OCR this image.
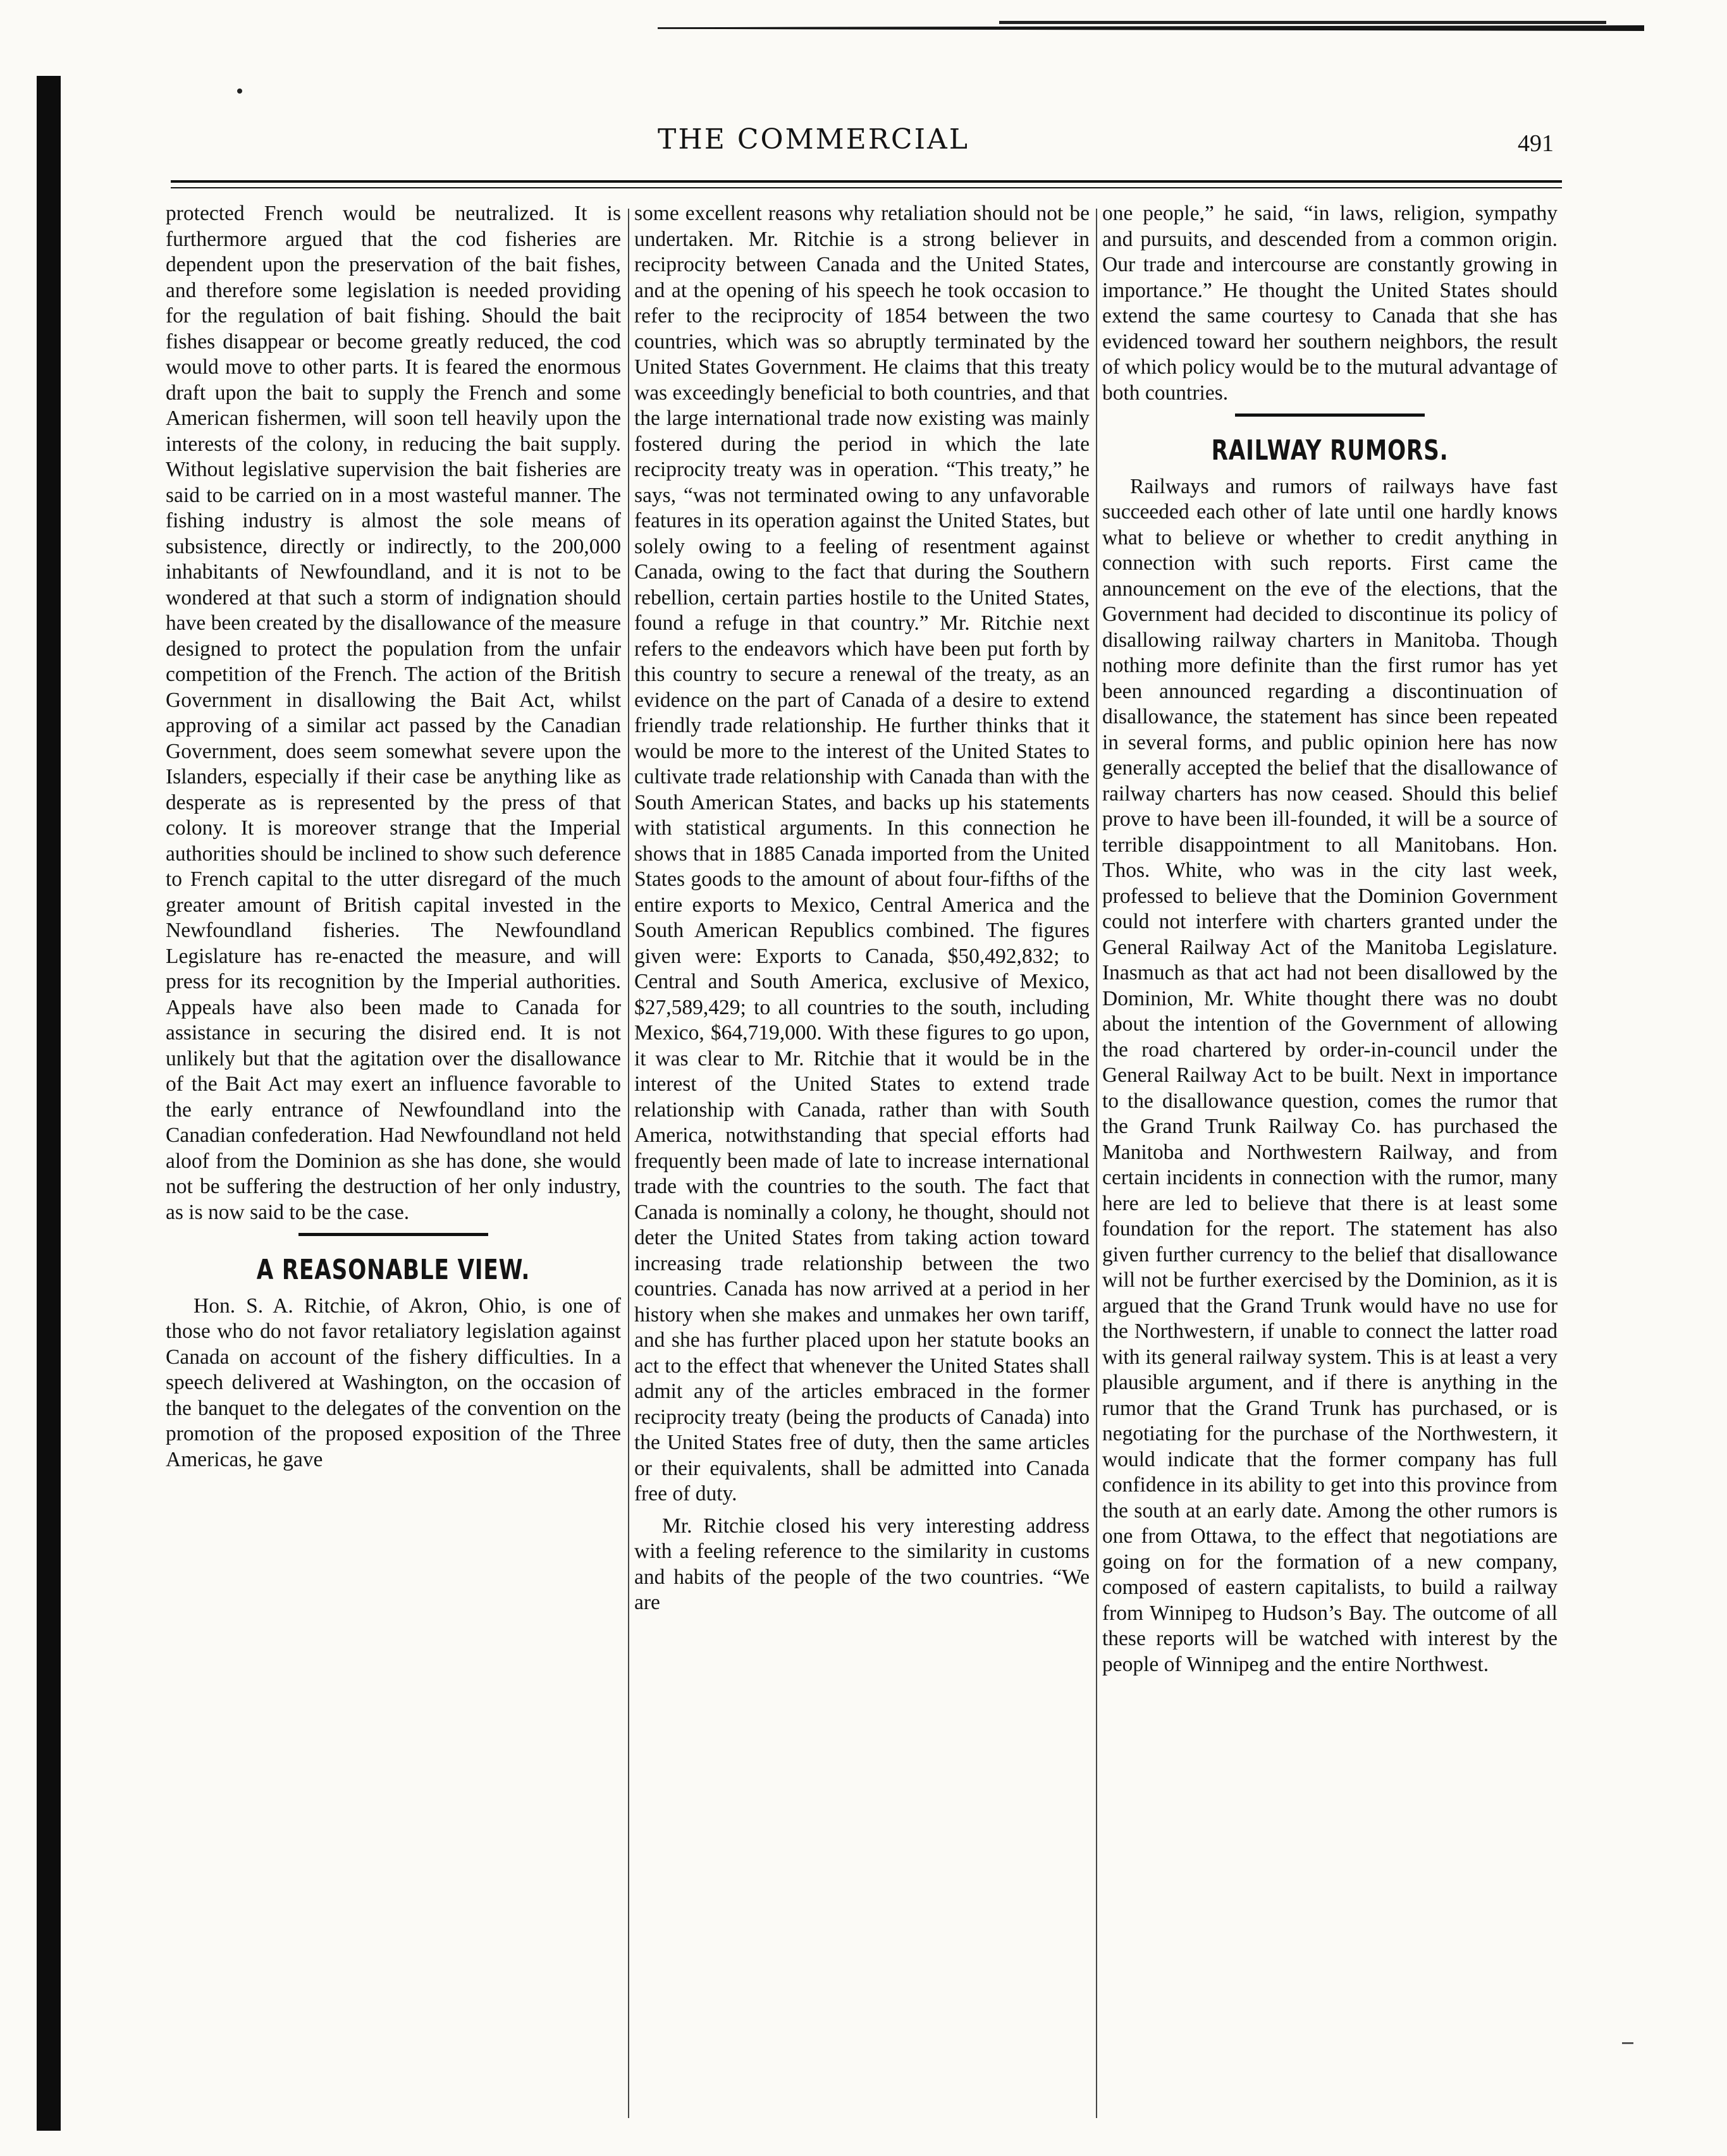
THE COMMERCIAL	491

protected French would be neutralized. It is furthermore argued that the cod fisheries are dependent upon the preservation of the bait fishes, and therefore some legislation is needed providing for the regulation of bait fishing. Should the bait fishes disappear or become greatly reduced, the cod would move to other parts. It is feared the enormous draft upon the bait to supply the French and some American fishermen, will soon tell heavily upon the interests of the colony, in reducing the bait supply. Without legislative supervision the bait fisheries are said to be carried on in a most wasteful manner. The fishing industry is almost the sole means of subsistence, directly or indirectly, to the 200,000 inhabitants of Newfoundland, and it is not to be wondered at that such a storm of indignation should have been created by the disallowance of the measure designed to protect the population from the unfair competition of the French. The action of the British Government in disallowing the Bait Act, whilst approving of a similar act passed by the Canadian Government, does seem somewhat severe upon the Islanders, especially if their case be anything like as desperate as is represented by the press of that colony. It is moreover strange that the Imperial authorities should be inclined to show such deference to French capital to the utter disregard of the much greater amount of British capital invested in the Newfoundland fisheries. The Newfoundland Legislature has re-enacted the measure, and will press for its recognition by the Imperial authorities. Appeals have also been made to Canada for assistance in securing the disired end. It is not unlikely but that the agitation over the disallowance of the Bait Act may exert an influence favorable to the early entrance of Newfoundland into the Canadian confederation. Had Newfoundland not held aloof from the Dominion as she has done, she would not be suffering the destruction of her only industry, as is now said to be the case.

A REASONABLE VIEW.

Hon. S. A. Ritchie, of Akron, Ohio, is one of those who do not favor retaliatory legislation against Canada on account of the fishery difficulties. In a speech delivered at Washington, on the occasion of the banquet to the delegates of the convention on the promotion of the proposed exposition of the Three Americas, he gave

some excellent reasons why retaliation should not be undertaken. Mr. Ritchie is a strong believer in reciprocity between Canada and the United States, and at the opening of his speech he took occasion to refer to the reciprocity of 1854 between the two countries, which was so abruptly terminated by the United States Government. He claims that this treaty was exceedingly beneficial to both countries, and that the large international trade now existing was mainly fostered during the period in which the late reciprocity treaty was in operation. “This treaty,” he says, “was not terminated owing to any unfavorable features in its operation against the United States, but solely owing to a feeling of resentment against Canada, owing to the fact that during the Southern rebellion, certain parties hostile to the United States, found a refuge in that country.” Mr. Ritchie next refers to the endeavors which have been put forth by this country to secure a renewal of the treaty, as an evidence on the part of Canada of a desire to extend friendly trade relationship. He further thinks that it would be more to the interest of the United States to cultivate trade relationship with Canada than with the South American States, and backs up his statements with statistical arguments. In this connection he shows that in 1885 Canada imported from the United States goods to the amount of about four-fifths of the entire exports to Mexico, Central America and the South American Republics combined. The figures given were: Exports to Canada, $50,492,832; to Central and South America, exclusive of Mexico, $27,589,429; to all countries to the south, including Mexico, $64,719,000. With these figures to go upon, it was clear to Mr. Ritchie that it would be in the interest of the United States to extend trade relationship with Canada, rather than with South America, notwithstanding that special efforts had frequently been made of late to increase international trade with the countries to the south. The fact that Canada is nominally a colony, he thought, should not deter the United States from taking action toward increasing trade relationship between the two countries. Canada has now arrived at a period in her history when she makes and unmakes her own tariff, and she has further placed upon her statute books an act to the effect that whenever the United States shall admit any of the articles embraced in the former reciprocity treaty (being the products of Canada) into the United States free of duty, then the same articles or their equivalents, shall be admitted into Canada free of duty.

Mr. Ritchie closed his very interesting address with a feeling reference to the similarity in customs and habits of the people of the two countries. “We are

one people,” he said, “in laws, religion, sympathy and pursuits, and descended from a common origin. Our trade and intercourse are constantly growing in importance.” He thought the United States should extend the same courtesy to Canada that she has evidenced toward her southern neighbors, the result of which policy would be to the mutural advantage of both countries.

RAILWAY RUMORS.

Railways and rumors of railways have fast succeeded each other of late until one hardly knows what to believe or whether to credit anything in connection with such reports. First came the announcement on the eve of the elections, that the Government had decided to discontinue its policy of disallowing railway charters in Manitoba. Though nothing more definite than the first rumor has yet been announced regarding a discontinuation of disallowance, the statement has since been repeated in several forms, and public opinion here has now generally accepted the belief that the disallowance of railway charters has now ceased. Should this belief prove to have been ill-founded, it will be a source of terrible disappointment to all Manitobans. Hon. Thos. White, who was in the city last week, professed to believe that the Dominion Government could not interfere with charters granted under the General Railway Act of the Manitoba Legislature. Inasmuch as that act had not been disallowed by the Dominion, Mr. White thought there was no doubt about the intention of the Government of allowing the road chartered by order-in-council under the General Railway Act to be built. Next in importance to the disallowance question, comes the rumor that the Grand Trunk Railway Co. has purchased the Manitoba and Northwestern Railway, and from certain incidents in connection with the rumor, many here are led to believe that there is at least some foundation for the report. The statement has also given further currency to the belief that disallowance will not be further exercised by the Dominion, as it is argued that the Grand Trunk would have no use for the Northwestern, if unable to connect the latter road with its general railway system. This is at least a very plausible argument, and if there is anything in the rumor that the Grand Trunk has purchased, or is negotiating for the purchase of the Northwestern, it would indicate that the former company has full confidence in its ability to get into this province from the south at an early date. Among the other rumors is one from Ottawa, to the effect that negotiations are going on for the formation of a new company, composed of eastern capitalists, to build a railway from Winnipeg to Hudson’s Bay. The outcome of all these reports will be watched with interest by the people of Winnipeg and the entire Northwest.
